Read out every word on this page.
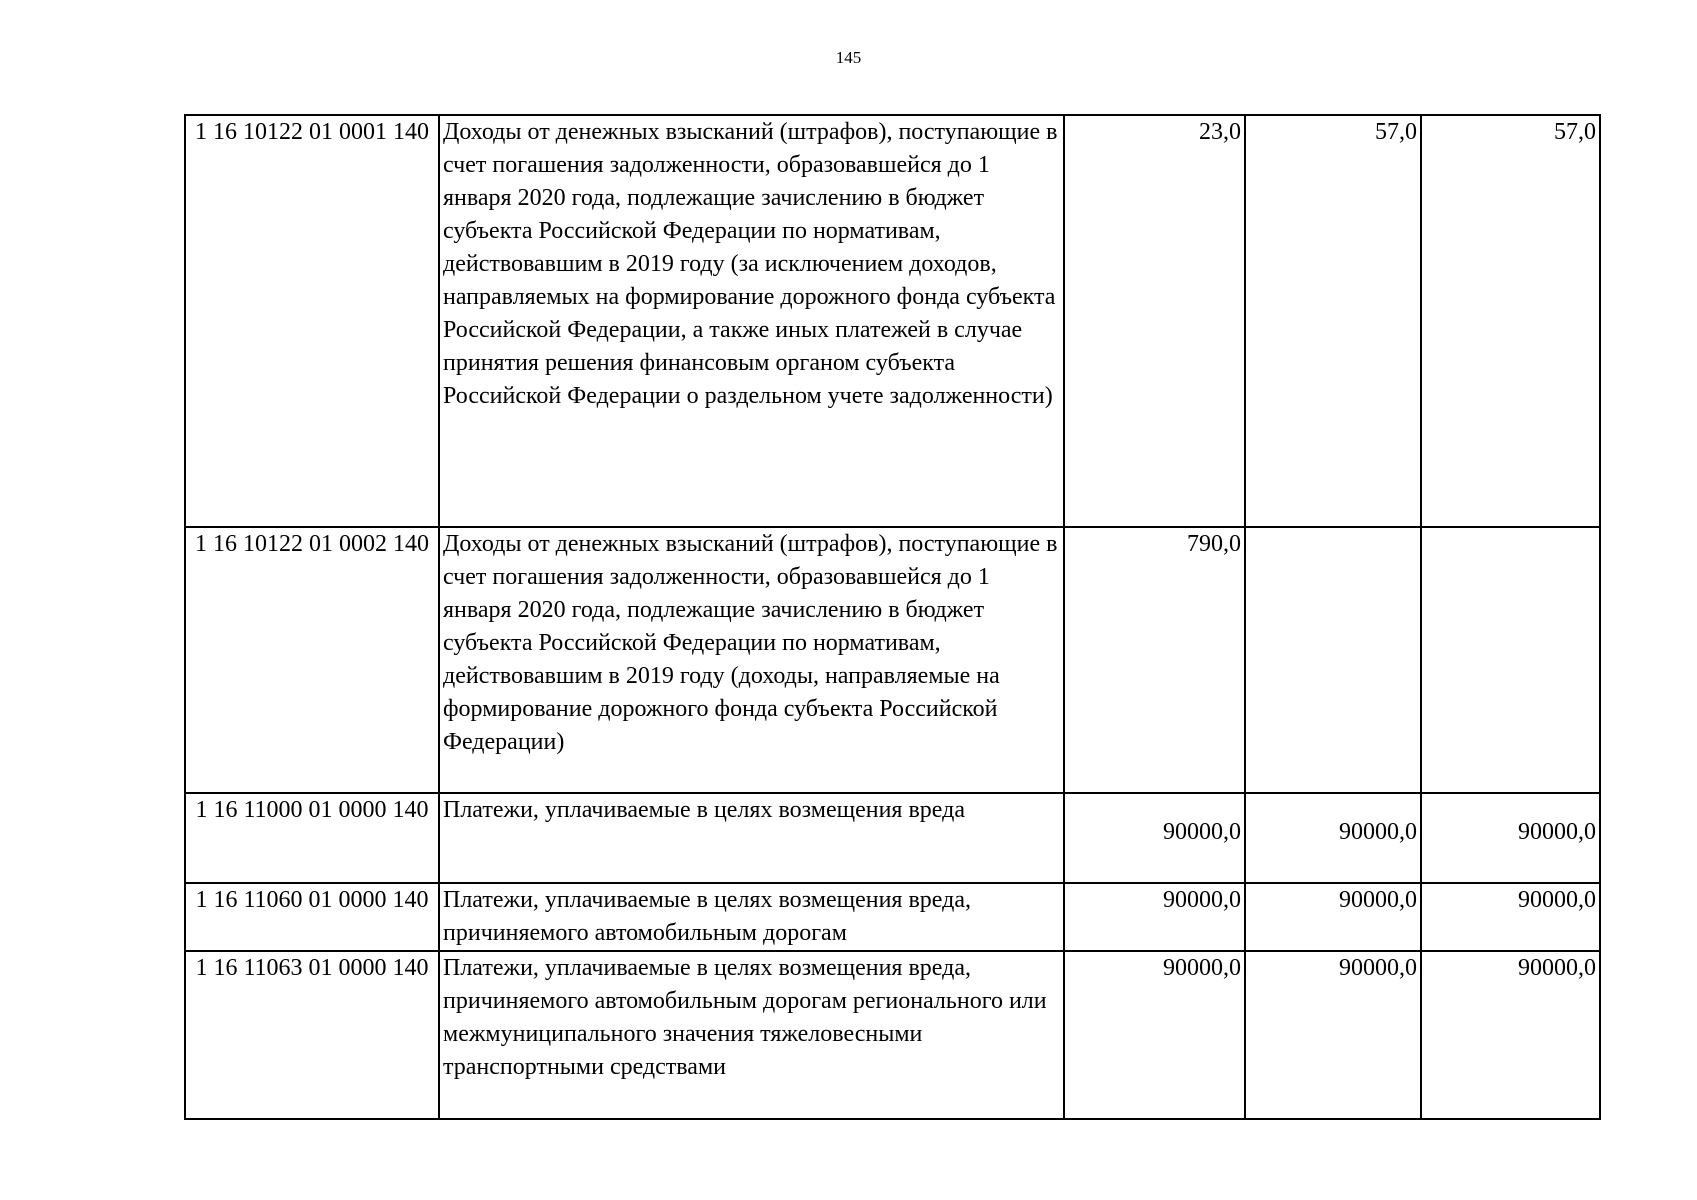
145
1 16 10122 01 0001 140	Доходы от денежных взысканий (штрафов), поступающие в счет погашения задолженности, образовавшейся до 1 января 2020 года, подлежащие зачислению в бюджет субъекта Российской Федерации по нормативам, действовавшим в 2019 году (за исключением доходов, направляемых на формирование дорожного фонда субъекта Российской Федерации, а также иных платежей в случае принятия решения финансовым органом субъекта Российской Федерации о раздельном учете задолженности)	23,0	57,0	57,0
1 16 10122 01 0002 140	Доходы от денежных взысканий (штрафов), поступающие в счет погашения задолженности, образовавшейся до 1 января 2020 года, подлежащие зачислению в бюджет субъекта Российской Федерации по нормативам, действовавшим в 2019 году (доходы, направляемые на формирование дорожного фонда субъекта Российской Федерации)	790,0		
1 16 11000 01 0000 140	Платежи, уплачиваемые в целях возмещения вреда	90000,0	90000,0	90000,0
1 16 11060 01 0000 140	Платежи, уплачиваемые в целях возмещения вреда, причиняемого автомобильным дорогам	90000,0	90000,0	90000,0
1 16 11063 01 0000 140	Платежи, уплачиваемые в целях возмещения вреда, причиняемого автомобильным дорогам регионального или межмуниципального значения тяжеловесными транспортными средствами	90000,0	90000,0	90000,0
